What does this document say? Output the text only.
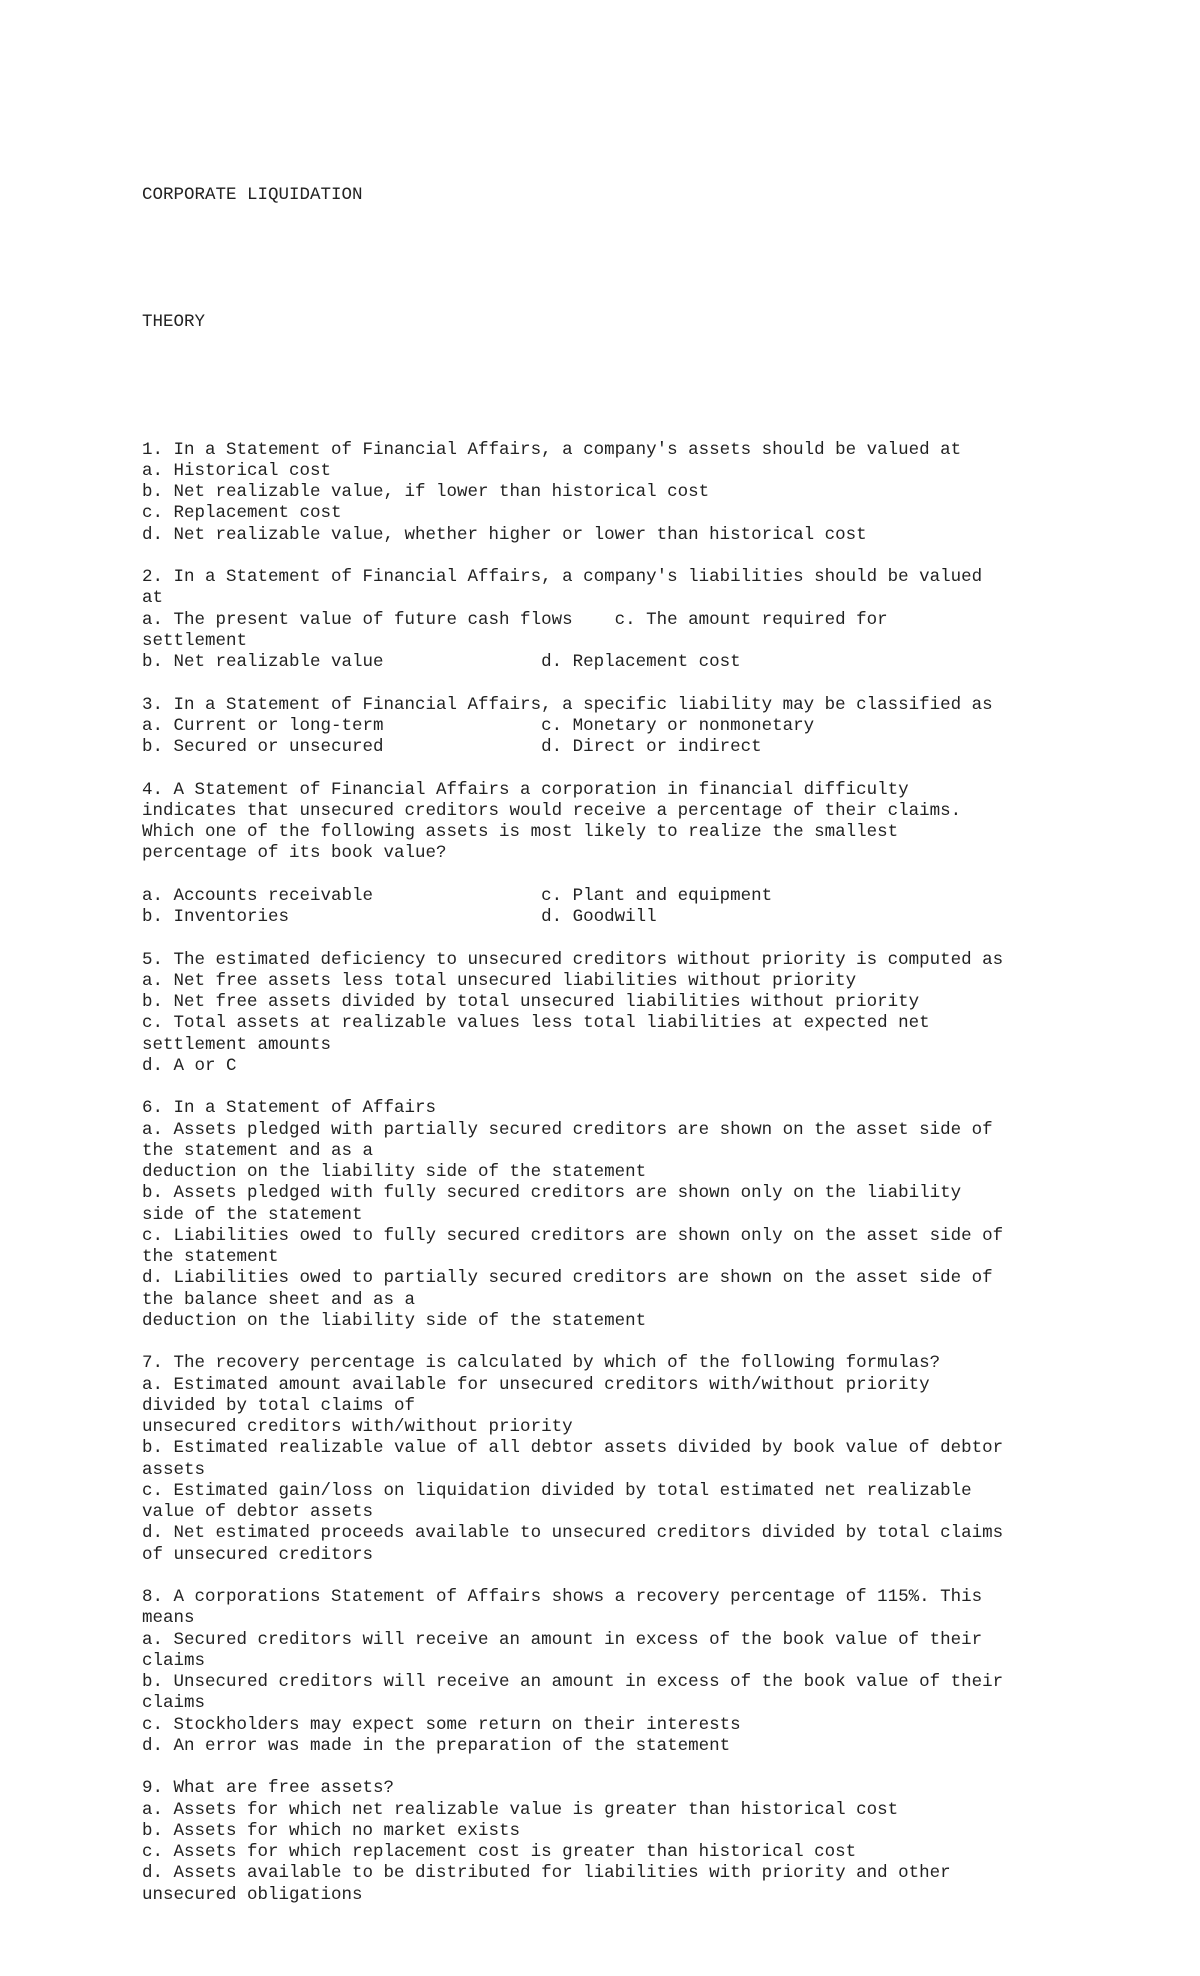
CORPORATE LIQUIDATION

THEORY

1. In a Statement of Financial Affairs, a company's assets should be valued at
a. Historical cost
b. Net realizable value, if lower than historical cost
c. Replacement cost
d. Net realizable value, whether higher or lower than historical cost
2. In a Statement of Financial Affairs, a company's liabilities should be valued
at
a. The present value of future cash flows    c. The amount required for
settlement
b. Net realizable value               d. Replacement cost
3. In a Statement of Financial Affairs, a specific liability may be classified as
a. Current or long-term               c. Monetary or nonmonetary
b. Secured or unsecured               d. Direct or indirect
4. A Statement of Financial Affairs a corporation in financial difficulty
indicates that unsecured creditors would receive a percentage of their claims.
Which one of the following assets is most likely to realize the smallest
percentage of its book value?
a. Accounts receivable                c. Plant and equipment
b. Inventories                        d. Goodwill
5. The estimated deficiency to unsecured creditors without priority is computed as
a. Net free assets less total unsecured liabilities without priority
b. Net free assets divided by total unsecured liabilities without priority
c. Total assets at realizable values less total liabilities at expected net
settlement amounts
d. A or C
6. In a Statement of Affairs
a. Assets pledged with partially secured creditors are shown on the asset side of
the statement and as a
deduction on the liability side of the statement
b. Assets pledged with fully secured creditors are shown only on the liability
side of the statement
c. Liabilities owed to fully secured creditors are shown only on the asset side of
the statement
d. Liabilities owed to partially secured creditors are shown on the asset side of
the balance sheet and as a
deduction on the liability side of the statement
7. The recovery percentage is calculated by which of the following formulas?
a. Estimated amount available for unsecured creditors with/without priority
divided by total claims of
unsecured creditors with/without priority
b. Estimated realizable value of all debtor assets divided by book value of debtor
assets
c. Estimated gain/loss on liquidation divided by total estimated net realizable
value of debtor assets
d. Net estimated proceeds available to unsecured creditors divided by total claims
of unsecured creditors
8. A corporations Statement of Affairs shows a recovery percentage of 115%. This
means
a. Secured creditors will receive an amount in excess of the book value of their
claims
b. Unsecured creditors will receive an amount in excess of the book value of their
claims
c. Stockholders may expect some return on their interests
d. An error was made in the preparation of the statement
9. What are free assets?
a. Assets for which net realizable value is greater than historical cost
b. Assets for which no market exists
c. Assets for which replacement cost is greater than historical cost
d. Assets available to be distributed for liabilities with priority and other
unsecured obligations
